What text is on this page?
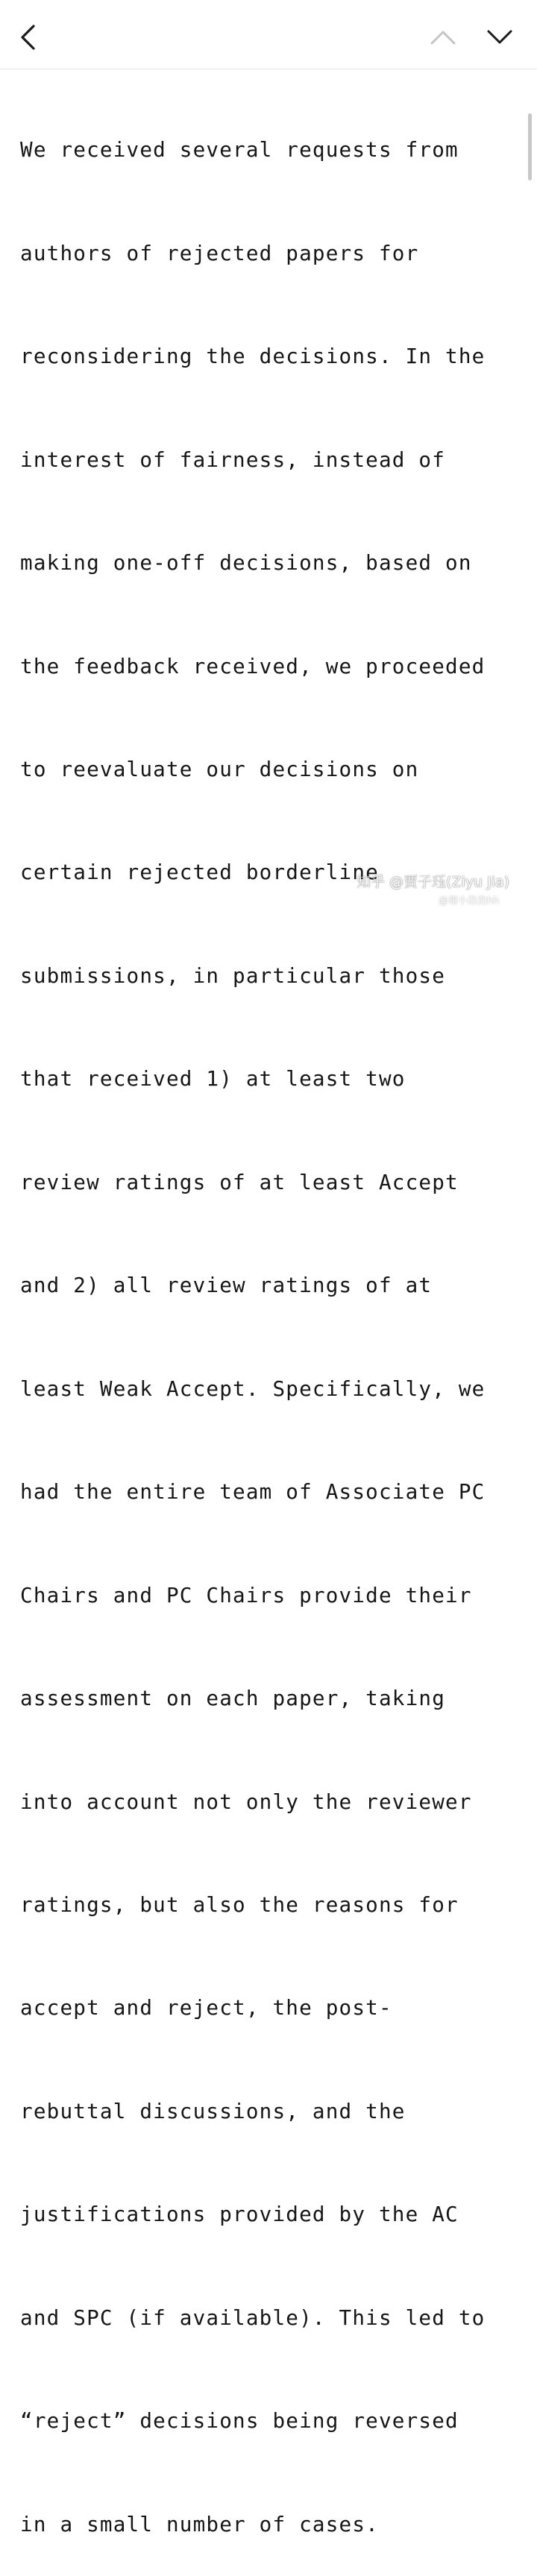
We received several requests from

authors of rejected papers for

reconsidering the decisions. In the

interest of fairness, instead of

making one-off decisions, based on

the feedback received, we proceeded

to reevaluate our decisions on

certain rejected borderline

submissions, in particular those

that received 1) at least two

review ratings of at least Accept

and 2) all review ratings of at

least Weak Accept. Specifically, we

had the entire team of Associate PC

Chairs and PC Chairs provide their

assessment on each paper, taking

into account not only the reviewer

ratings, but also the reasons for

accept and reject, the post-

rebuttal discussions, and the

justifications provided by the AC

and SPC (if available). This led to

“reject” decisions being reversed

in a small number of cases.

知乎 @贾子珏(Ziyu Jia)
@谢小浩浩hh
